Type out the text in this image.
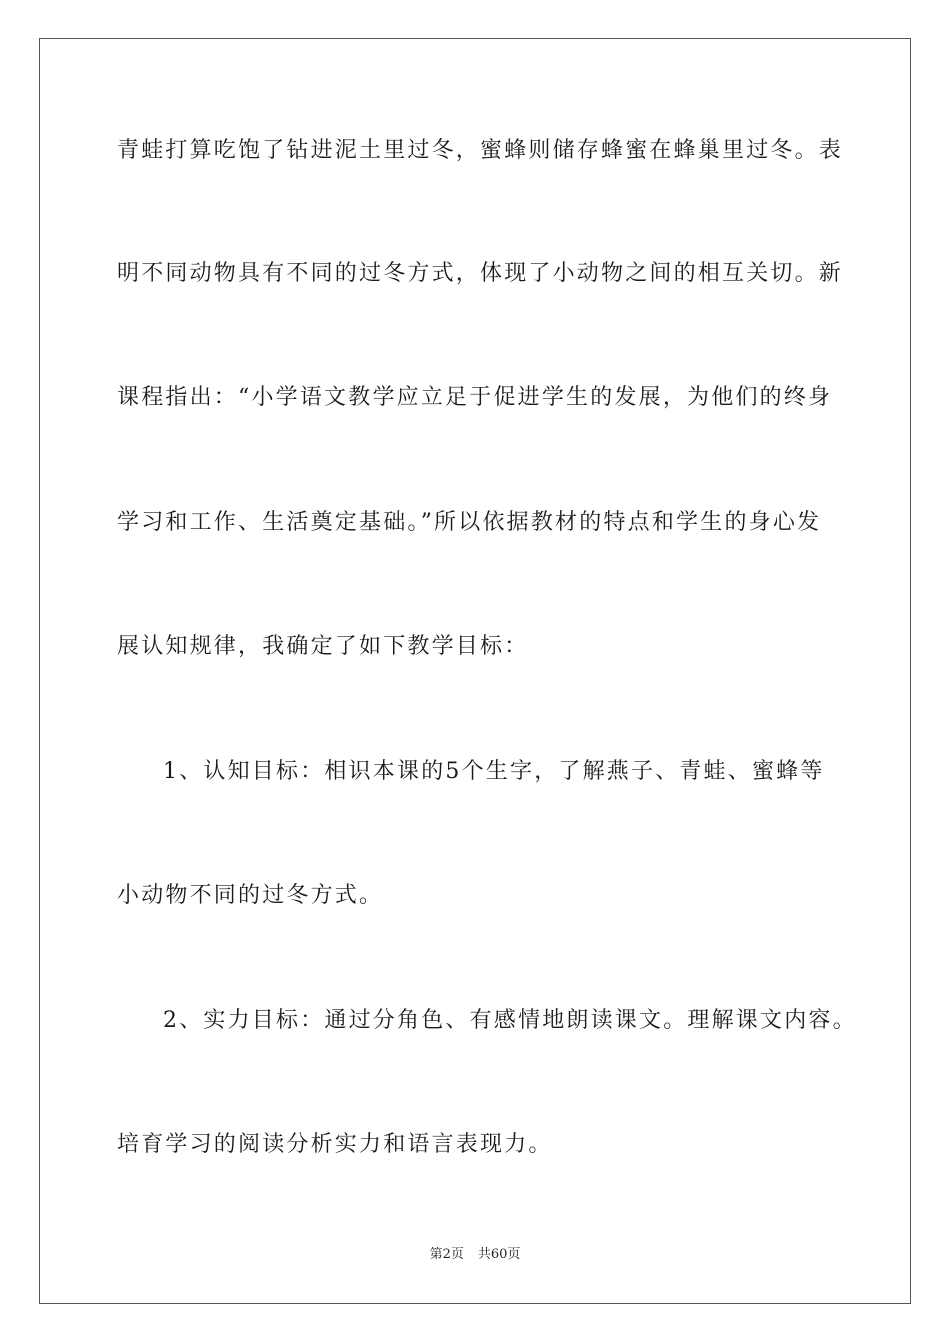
青蛙打算吃饱了钻进泥土里过冬，蜜蜂则储存蜂蜜在蜂巢里过冬。表
明不同动物具有不同的过冬方式，体现了小动物之间的相互关切。新
课程指出：“小学语文教学应立足于促进学生的发展，为他们的终身
学习和工作、生活奠定基础。”所以依据教材的特点和学生的身心发
展认知规律，我确定了如下教学目标：
1、认知目标：相识本课的5个生字，了解燕子、青蛙、蜜蜂等
小动物不同的过冬方式。
2、实力目标：通过分角色、有感情地朗读课文。理解课文内容。
培育学习的阅读分析实力和语言表现力。
第2页 共60页
